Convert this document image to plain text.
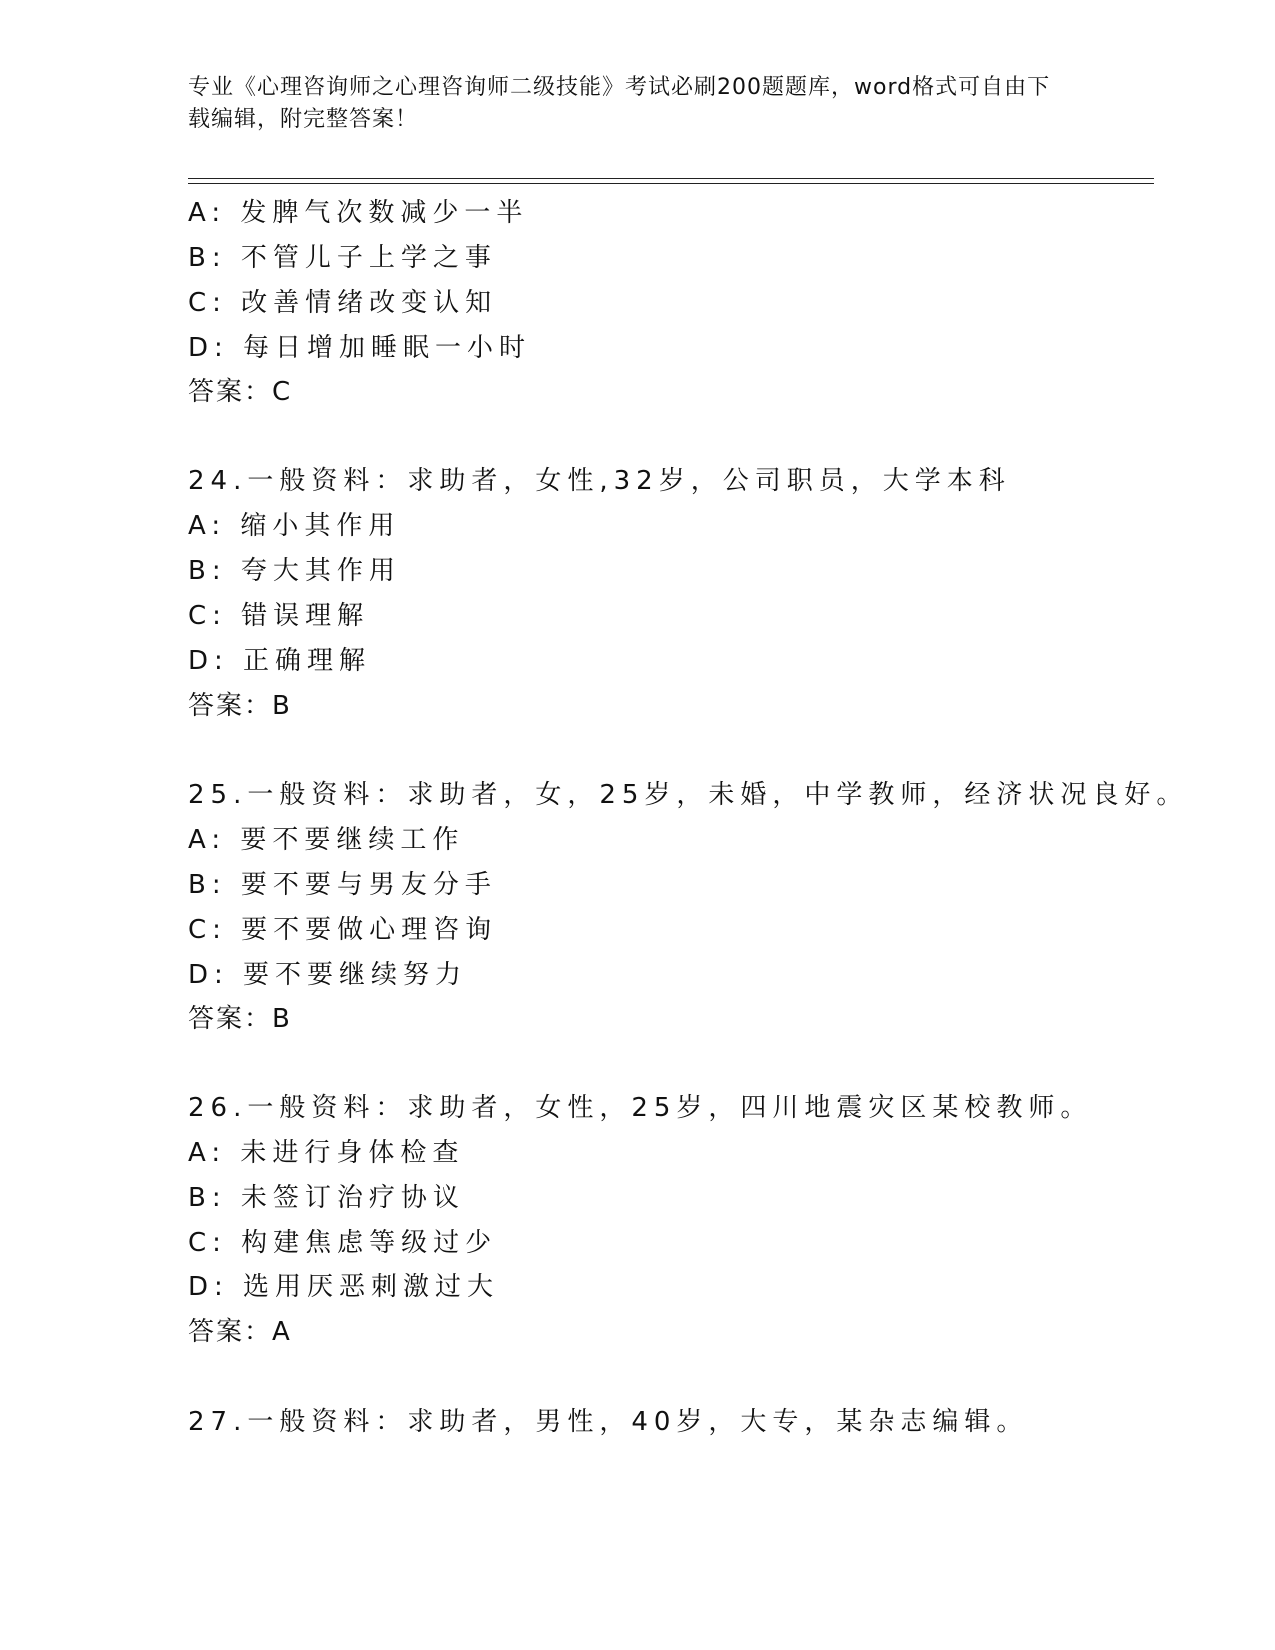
专业《心理咨询师之心理咨询师二级技能》考试必刷200题题库，word格式可自由下载编辑，附完整答案！
A: 发脾气次数减少一半
B: 不管儿子上学之事
C: 改善情绪改变认知
D: 每日增加睡眠一小时
答案：C
24.一般资料：求助者，女性,32岁，公司职员，大学本科
A: 缩小其作用
B: 夸大其作用
C: 错误理解
D: 正确理解
答案：B
25.一般资料：求助者，女，25岁，未婚，中学教师，经济状况良好。
A: 要不要继续工作
B: 要不要与男友分手
C: 要不要做心理咨询
D: 要不要继续努力
答案：B
26.一般资料：求助者，女性，25岁，四川地震灾区某校教师。
A: 未进行身体检查
B: 未签订治疗协议
C: 构建焦虑等级过少
D: 选用厌恶刺激过大
答案：A
27.一般资料：求助者，男性，40岁，大专，某杂志编辑。
